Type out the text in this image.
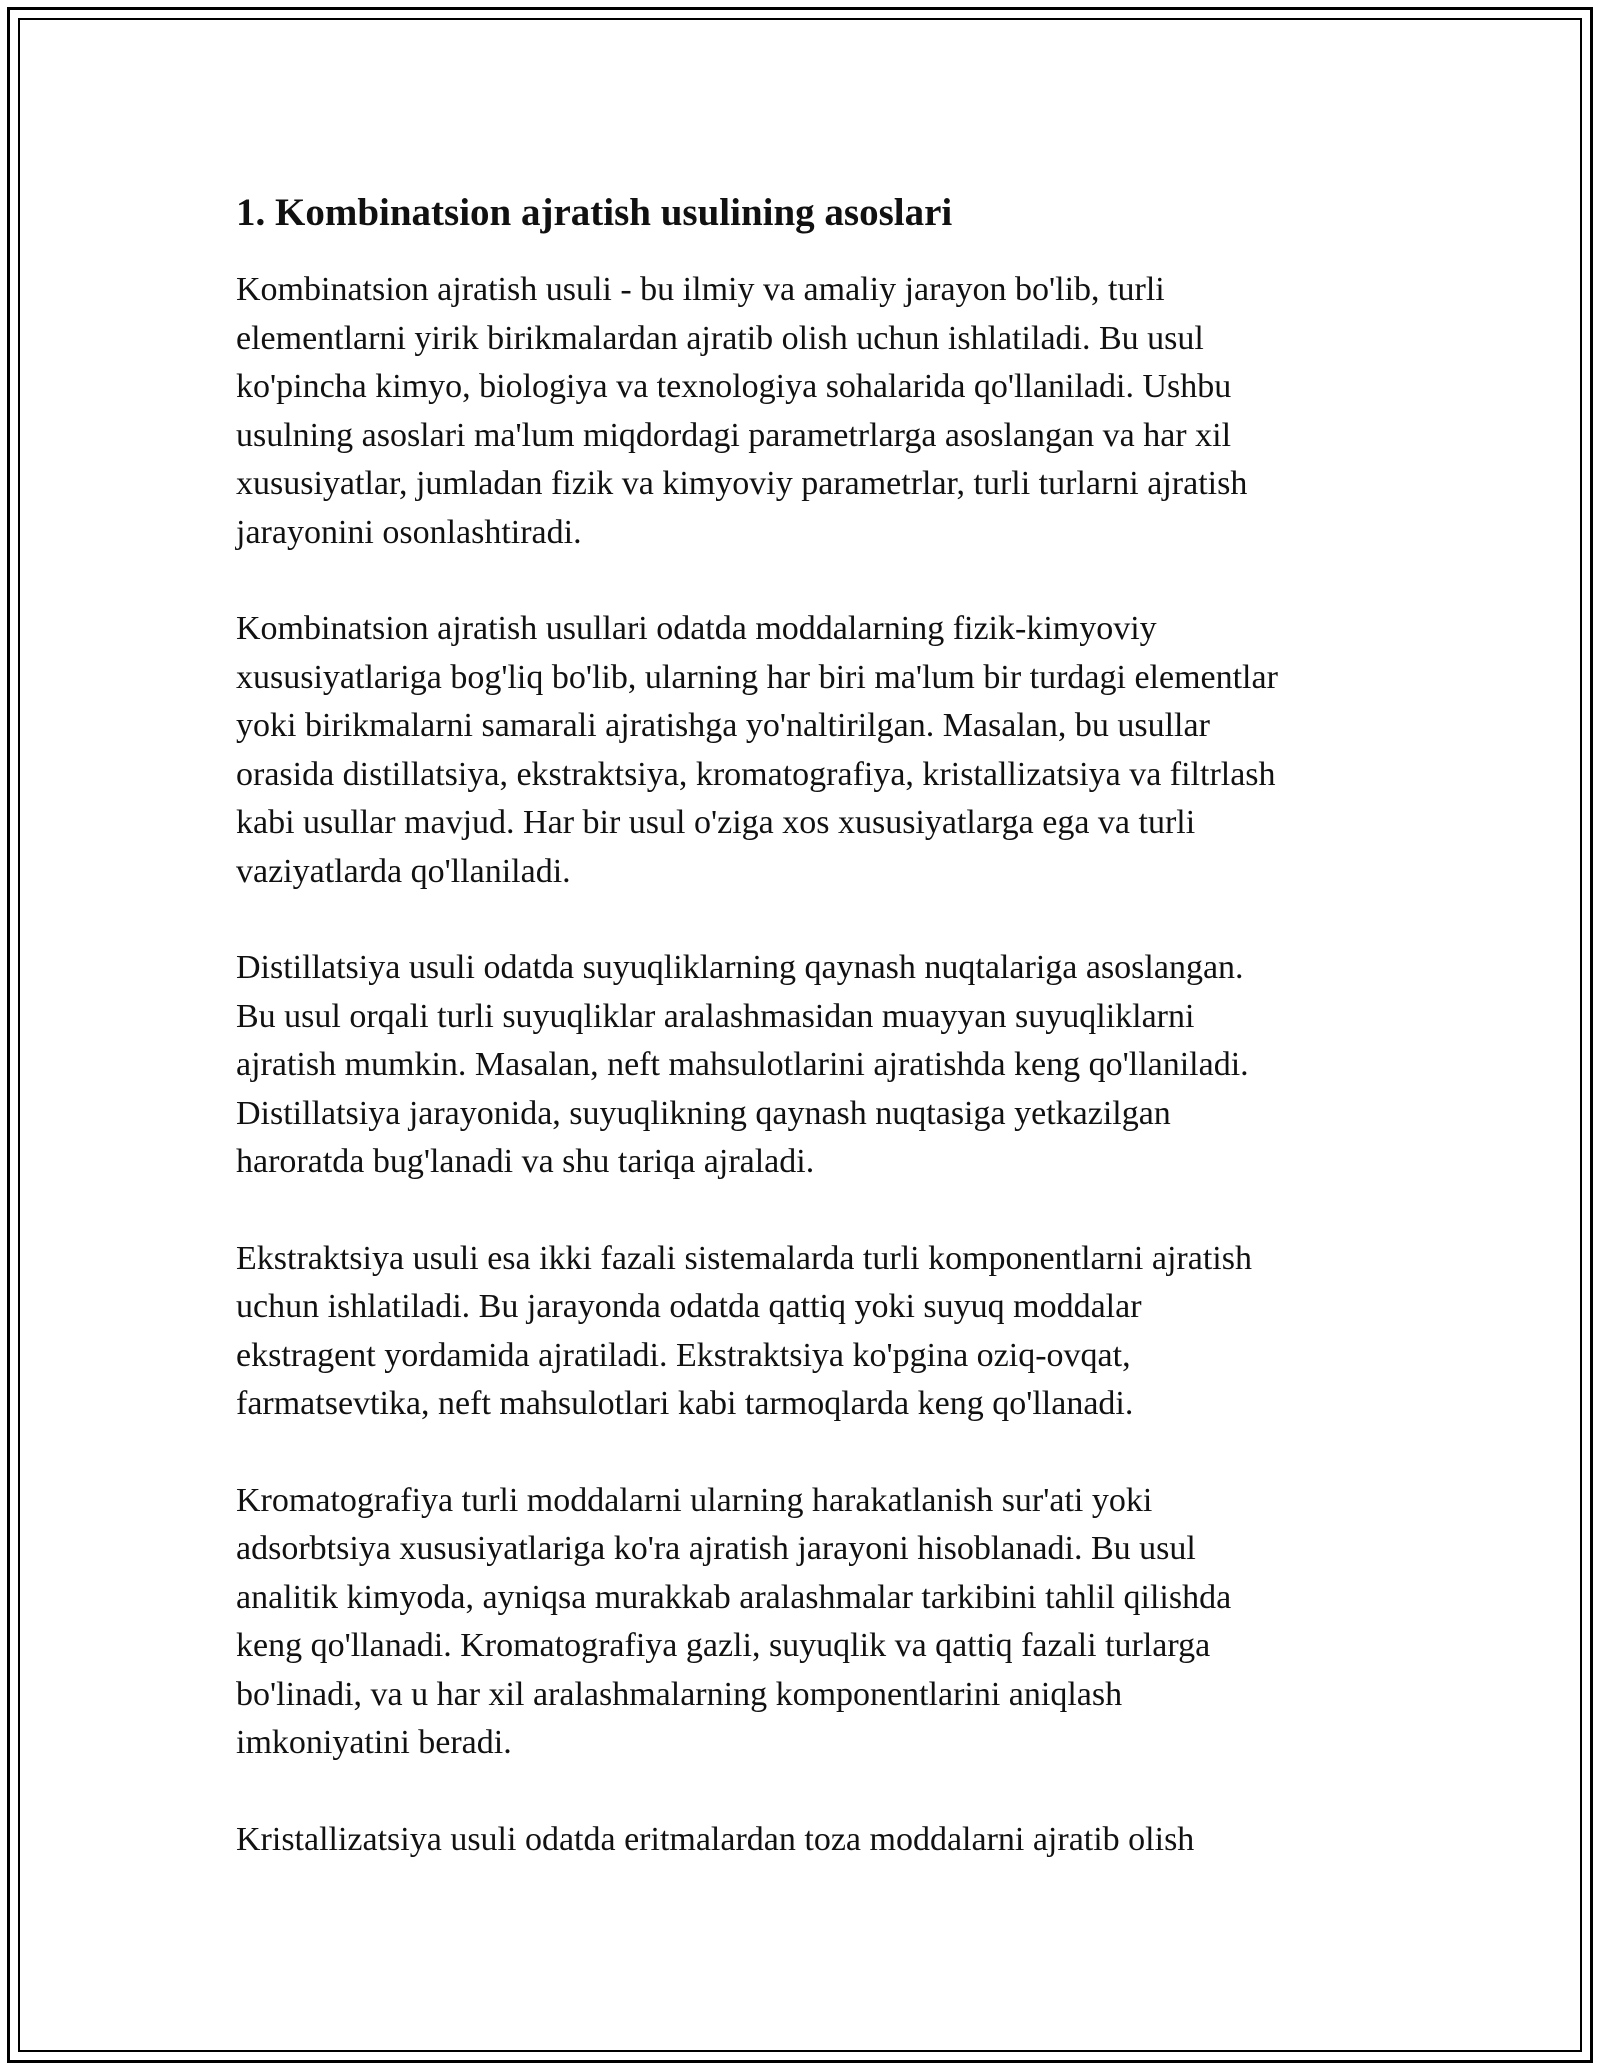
1. Kombinatsion ajratish usulining asoslari

Kombinatsion ajratish usuli - bu ilmiy va amaliy jarayon bo'lib, turli
elementlarni yirik birikmalardan ajratib olish uchun ishlatiladi. Bu usul
ko'pincha kimyo, biologiya va texnologiya sohalarida qo'llaniladi. Ushbu
usulning asoslari ma'lum miqdordagi parametrlarga asoslangan va har xil
xususiyatlar, jumladan fizik va kimyoviy parametrlar, turli turlarni ajratish
jarayonini osonlashtiradi.

Kombinatsion ajratish usullari odatda moddalarning fizik-kimyoviy
xususiyatlariga bog'liq bo'lib, ularning har biri ma'lum bir turdagi elementlar
yoki birikmalarni samarali ajratishga yo'naltirilgan. Masalan, bu usullar
orasida distillatsiya, ekstraktsiya, kromatografiya, kristallizatsiya va filtrlash
kabi usullar mavjud. Har bir usul o'ziga xos xususiyatlarga ega va turli
vaziyatlarda qo'llaniladi.

Distillatsiya usuli odatda suyuqliklarning qaynash nuqtalariga asoslangan.
Bu usul orqali turli suyuqliklar aralashmasidan muayyan suyuqliklarni
ajratish mumkin. Masalan, neft mahsulotlarini ajratishda keng qo'llaniladi.
Distillatsiya jarayonida, suyuqlikning qaynash nuqtasiga yetkazilgan
haroratda bug'lanadi va shu tariqa ajraladi.

Ekstraktsiya usuli esa ikki fazali sistemalarda turli komponentlarni ajratish
uchun ishlatiladi. Bu jarayonda odatda qattiq yoki suyuq moddalar
ekstragent yordamida ajratiladi. Ekstraktsiya ko'pgina oziq-ovqat,
farmatsevtika, neft mahsulotlari kabi tarmoqlarda keng qo'llanadi.

Kromatografiya turli moddalarni ularning harakatlanish sur'ati yoki
adsorbtsiya xususiyatlariga ko'ra ajratish jarayoni hisoblanadi. Bu usul
analitik kimyoda, ayniqsa murakkab aralashmalar tarkibini tahlil qilishda
keng qo'llanadi. Kromatografiya gazli, suyuqlik va qattiq fazali turlarga
bo'linadi, va u har xil aralashmalarning komponentlarini aniqlash
imkoniyatini beradi.

Kristallizatsiya usuli odatda eritmalardan toza moddalarni ajratib olish
